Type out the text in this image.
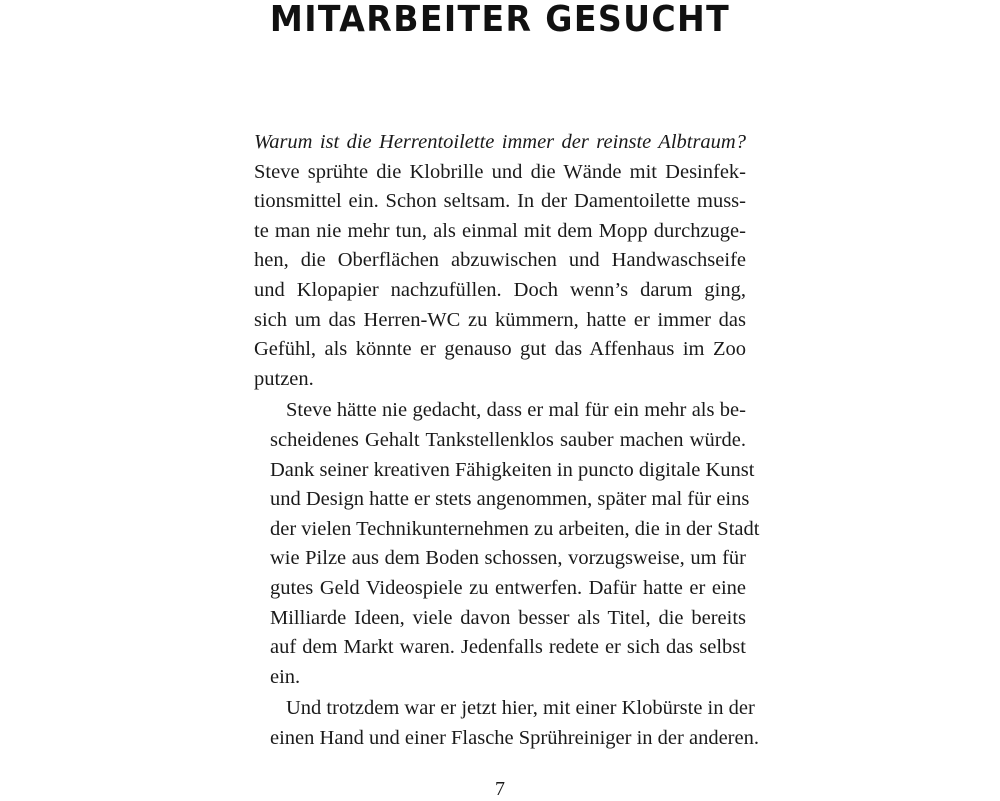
MITARBEITER GESUCHT

Warum ist die Herrentoilette immer der reinste Albtraum?
Steve sprühte die Klobrille und die Wände mit Desinfek-
tionsmittel ein. Schon seltsam. In der Damentoilette muss-
te man nie mehr tun, als einmal mit dem Mopp durchzuge-
hen, die Oberflächen abzuwischen und Handwaschseife
und Klopapier nachzufüllen. Doch wenn’s darum ging,
sich um das Herren-WC zu kümmern, hatte er immer das
Gefühl, als könnte er genauso gut das Affenhaus im Zoo
putzen.

Steve hätte nie gedacht, dass er mal für ein mehr als be-
scheidenes Gehalt Tankstellenklos sauber machen würde.
Dank seiner kreativen Fähigkeiten in puncto digitale Kunst
und Design hatte er stets angenommen, später mal für eins
der vielen Technikunternehmen zu arbeiten, die in der Stadt
wie Pilze aus dem Boden schossen, vorzugsweise, um für
gutes Geld Videospiele zu entwerfen. Dafür hatte er eine
Milliarde Ideen, viele davon besser als Titel, die bereits
auf dem Markt waren. Jedenfalls redete er sich das selbst
ein.

Und trotzdem war er jetzt hier, mit einer Klobürste in der
einen Hand und einer Flasche Sprühreiniger in der anderen.

7
